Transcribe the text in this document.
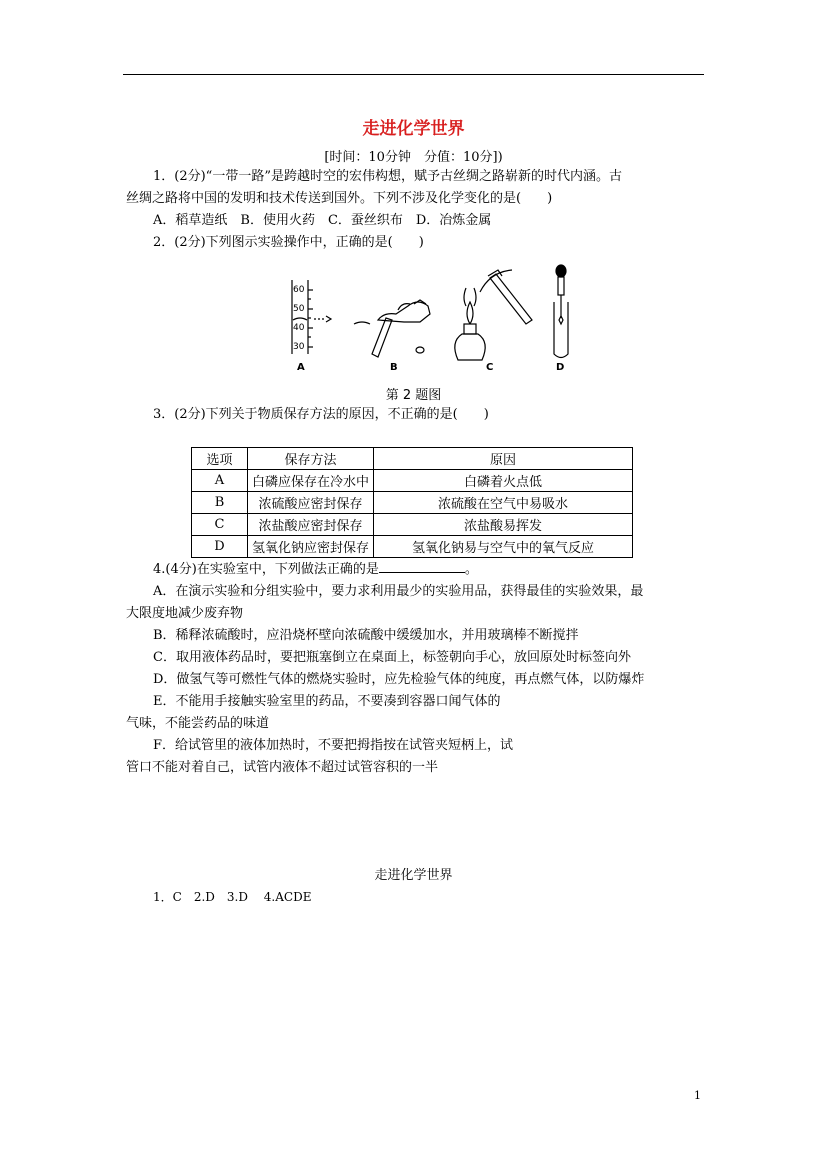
走进化学世界
[时间：10分钟　分值：10分])
1．(2分)“一带一路”是跨越时空的宏伟构想，赋予古丝绸之路崭新的时代内涵。古
丝绸之路将中国的发明和技术传送到国外。下列不涉及化学变化的是(　　)
A．稻草造纸　B．使用火药　C．蚕丝织布　D．冶炼金属
2．(2分)下列图示实验操作中，正确的是(　　)
60
50
40
30
A	B	C	D
第 2 题图
3．(2分)下列关于物质保存方法的原因，不正确的是(　　)
选项	保存方法	原因
A	白磷应保存在冷水中	白磷着火点低
B	浓硫酸应密封保存	浓硫酸在空气中易吸水
C	浓盐酸应密封保存	浓盐酸易挥发
D	氢氧化钠应密封保存	氢氧化钠易与空气中的氧气反应
4.(4分)在实验室中，下列做法正确的是	。
A．在演示实验和分组实验中，要力求利用最少的实验用品，获得最佳的实验效果，最
大限度地减少废弃物
B．稀释浓硫酸时，应沿烧杯壁向浓硫酸中缓缓加水，并用玻璃棒不断搅拌
C．取用液体药品时，要把瓶塞倒立在桌面上，标签朝向手心，放回原处时标签向外
D．做氢气等可燃性气体的燃烧实验时，应先检验气体的纯度，再点燃气体，以防爆炸
E．不能用手接触实验室里的药品，不要凑到容器口闻气体的
气味，不能尝药品的味道
F．给试管里的液体加热时，不要把拇指按在试管夹短柄上，试
管口不能对着自己，试管内液体不超过试管容积的一半
走进化学世界
1．C　2.D　3.D　 4.ACDE
1
